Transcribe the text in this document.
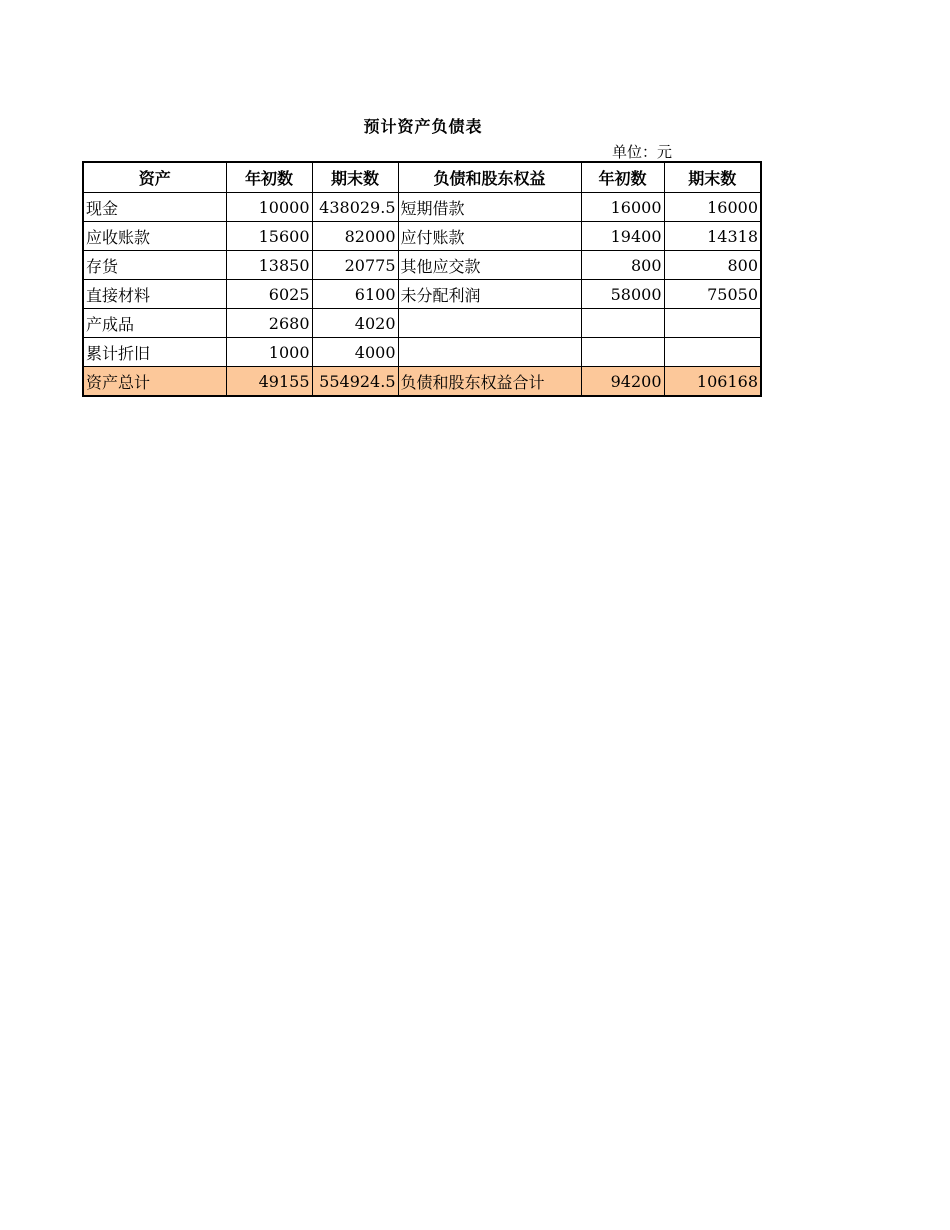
预计资产负债表
单位：元
资产	年初数	期末数	负债和股东权益	年初数	期末数
现金	10000	438029.5	短期借款	16000	16000
应收账款	15600	82000	应付账款	19400	14318
存货	13850	20775	其他应交款	800	800
直接材料	6025	6100	未分配利润	58000	75050
产成品	2680	4020			
累计折旧	1000	4000			
资产总计	49155	554924.5	负债和股东权益合计	94200	106168
